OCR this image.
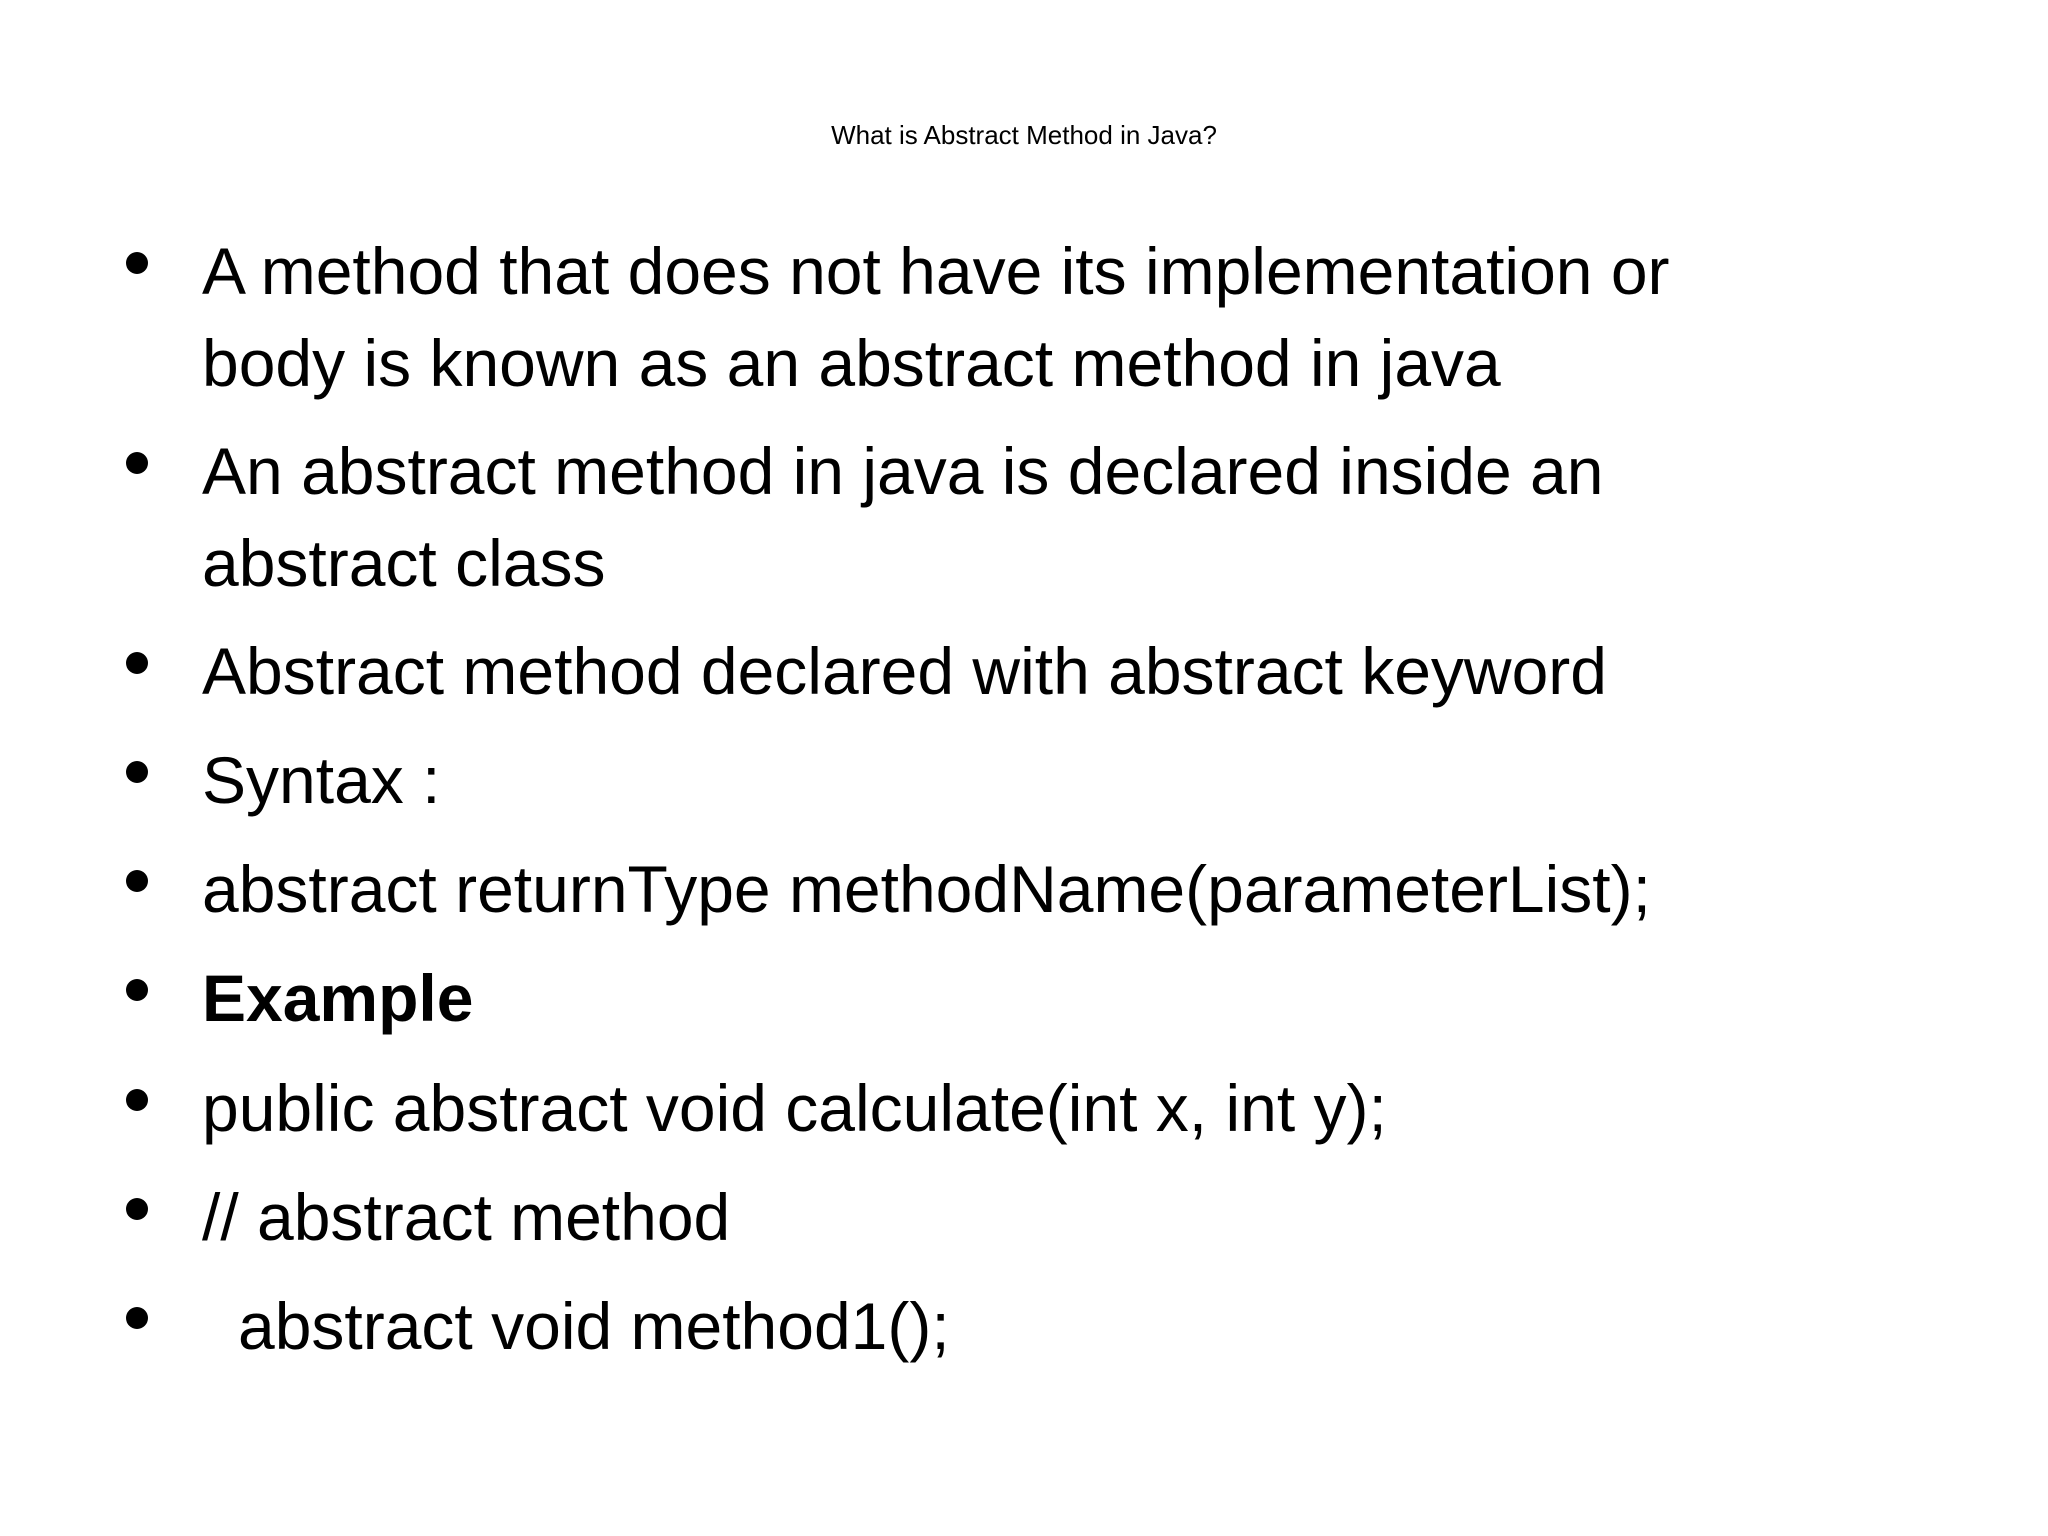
What is Abstract Method in Java?
A method that does not have its implementation or
body is known as an abstract method in java
An abstract method in java is declared inside an
abstract class
Abstract method declared with abstract keyword
Syntax :
abstract returnType methodName(parameterList);
Example
public abstract void calculate(int x, int y);
// abstract method
abstract void method1();
